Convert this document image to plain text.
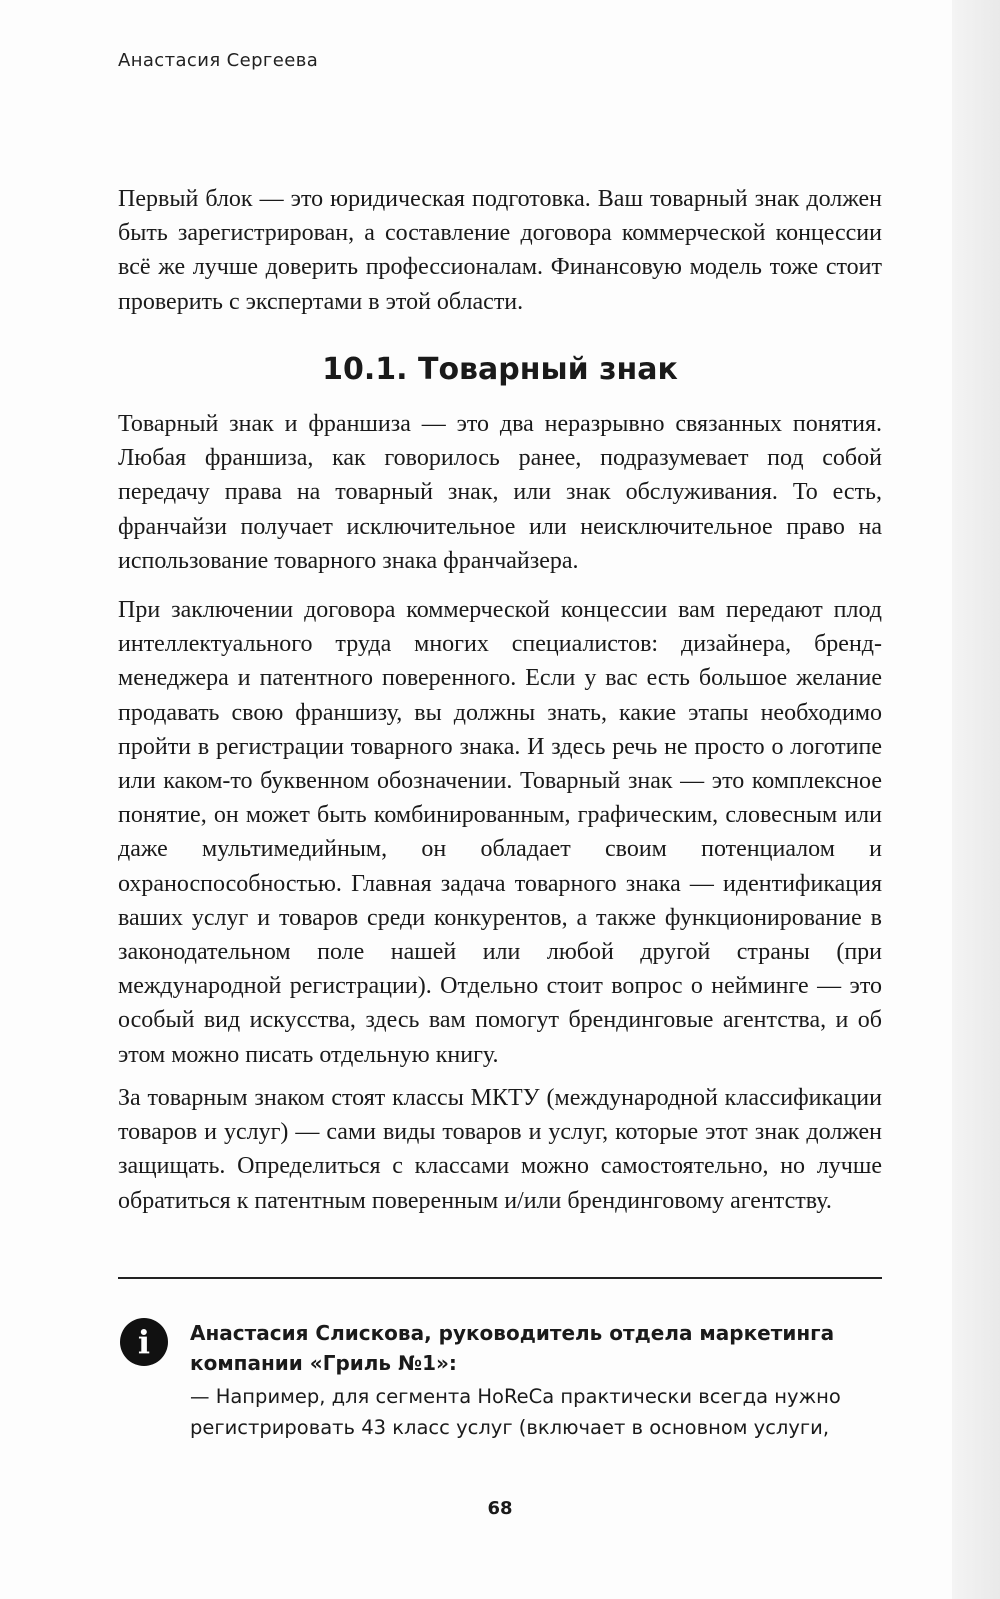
Анастасия Сергеева

Первый блок — это юридическая подготовка. Ваш товарный знак должен быть зарегистрирован, а составление договора коммерческой концессии всё же лучше доверить профессионалам. Финансовую модель тоже стоит проверить с экспертами в этой области.

10.1. Товарный знак

Товарный знак и франшиза — это два неразрывно связанных понятия. Любая франшиза, как говорилось ранее, подразумевает под собой передачу права на товарный знак, или знак обслуживания. То есть, франчайзи получает исключительное или неисключительное право на использование товарного знака франчайзера.

При заключении договора коммерческой концессии вам передают плод интеллектуального труда многих специалистов: дизайнера, бренд-менеджера и патентного поверенного. Если у вас есть большое желание продавать свою франшизу, вы должны знать, какие этапы необходимо пройти в регистрации товарного знака. И здесь речь не просто о логотипе или каком-то буквенном обозначении. Товарный знак — это комплексное понятие, он может быть комбинированным, графическим, словесным или даже мультимедийным, он обладает своим потенциалом и охраноспособностью. Главная задача товарного знака — идентификация ваших услуг и товаров среди конкурентов, а также функционирование в законодательном поле нашей или любой другой страны (при международной регистрации). Отдельно стоит вопрос о нейминге — это особый вид искусства, здесь вам помогут брендинговые агентства, и об этом можно писать отдельную книгу.

За товарным знаком стоят классы МКТУ (международной классификации товаров и услуг) — сами виды товаров и услуг, которые этот знак должен защищать. Определиться с классами можно самостоятельно, но лучше обратиться к патентным поверенным и/или брендинговому агентству.

i	Анастасия Слискова, руководитель отдела маркетинга компании «Гриль №1»:

— Например, для сегмента HoReCa практически всегда нужно регистрировать 43 класс услуг (включает в основном услуги,

68
